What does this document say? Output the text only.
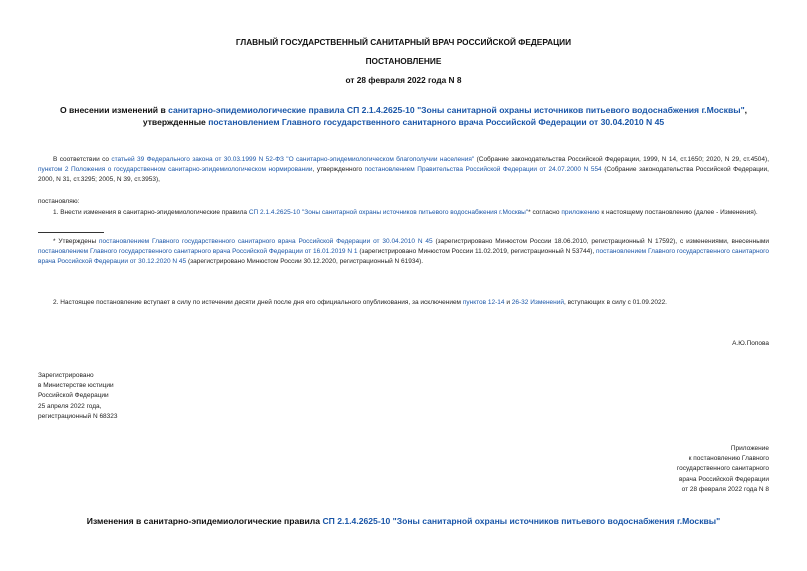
ГЛАВНЫЙ ГОСУДАРСТВЕННЫЙ САНИТАРНЫЙ ВРАЧ РОССИЙСКОЙ ФЕДЕРАЦИИ
ПОСТАНОВЛЕНИЕ
от 28 февраля 2022 года N 8
О внесении изменений в санитарно-эпидемиологические правила СП 2.1.4.2625-10 "Зоны санитарной охраны источников питьевого водоснабжения г.Москвы",
утвержденные постановлением Главного государственного санитарного врача Российской Федерации от 30.04.2010 N 45
В соответствии со статьей 39 Федерального закона от 30.03.1999 N 52-ФЗ "О санитарно-эпидемиологическом благополучии населения" (Собрание законодательства Российской Федерации, 1999, N 14, ст.1650; 2020, N 29, ст.4504), пунктом 2 Положения о государственном санитарно-эпидемиологическом нормировании, утвержденного постановлением Правительства Российской Федерации от 24.07.2000 N 554 (Собрание законодательства Российской Федерации, 2000, N 31, ст.3295; 2005, N 39, ст.3953),
постановляю:
1. Внести изменения в санитарно-эпидемиологические правила СП 2.1.4.2625-10 "Зоны санитарной охраны источников питьевого водоснабжения г.Москвы"* согласно приложению к настоящему постановлению (далее - Изменения).
* Утверждены постановлением Главного государственного санитарного врача Российской Федерации от 30.04.2010 N 45 (зарегистрировано Минюстом России 18.06.2010, регистрационный N 17592), с изменениями, внесенными постановлением Главного государственного санитарного врача Российской Федерации от 16.01.2019 N 1 (зарегистрировано Минюстом России 11.02.2019, регистрационный N 53744), постановлением Главного государственного санитарного врача Российской Федерации от 30.12.2020 N 45 (зарегистрировано Минюстом России 30.12.2020, регистрационный N 61934).
2. Настоящее постановление вступает в силу по истечении десяти дней после дня его официального опубликования, за исключением пунктов 12-14 и 26-32 Изменений, вступающих в силу с 01.09.2022.
А.Ю.Попова
Зарегистрировано
в Министерстве юстиции
Российской Федерации
25 апреля 2022 года,
регистрационный N 68323
Приложение
к постановлению Главного
государственного санитарного
врача Российской Федерации
от 28 февраля 2022 года N 8
Изменения в санитарно-эпидемиологические правила СП 2.1.4.2625-10 "Зоны санитарной охраны источников питьевого водоснабжения г.Москвы"
